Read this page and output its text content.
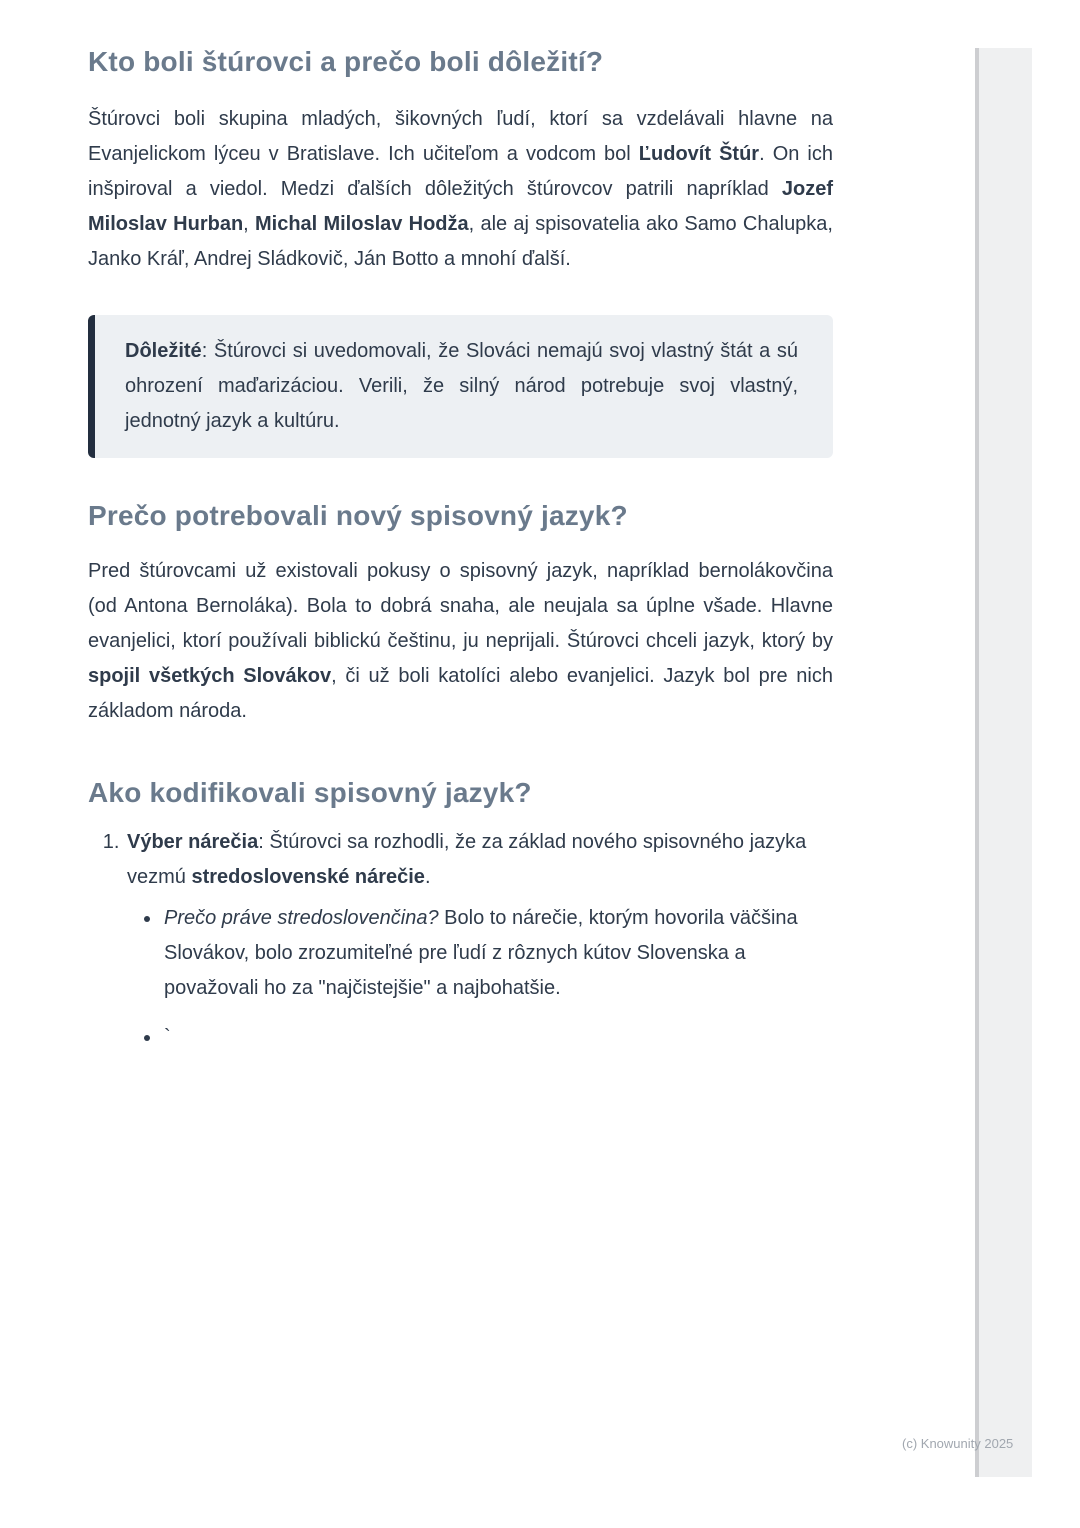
Kto boli štúrovci a prečo boli dôležití?

Štúrovci boli skupina mladých, šikovných ľudí, ktorí sa vzdelávali hlavne na Evanjelickom lýceu v Bratislave. Ich učiteľom a vodcom bol Ľudovít Štúr. On ich inšpiroval a viedol. Medzi ďalších dôležitých štúrovcov patrili napríklad Jozef Miloslav Hurban, Michal Miloslav Hodža, ale aj spisovatelia ako Samo Chalupka, Janko Kráľ, Andrej Sládkovič, Ján Botto a mnohí ďalší.

Dôležité: Štúrovci si uvedomovali, že Slováci nemajú svoj vlastný štát a sú ohrození maďarizáciou. Verili, že silný národ potrebuje svoj vlastný, jednotný jazyk a kultúru.

Prečo potrebovali nový spisovný jazyk?

Pred štúrovcami už existovali pokusy o spisovný jazyk, napríklad bernolákovčina (od Antona Bernoláka). Bola to dobrá snaha, ale neujala sa úplne všade. Hlavne evanjelici, ktorí používali biblickú češtinu, ju neprijali. Štúrovci chceli jazyk, ktorý by spojil všetkých Slovákov, či už boli katolíci alebo evanjelici. Jazyk bol pre nich základom národa.

Ako kodifikovali spisovný jazyk?
1. Výber nárečia: Štúrovci sa rozhodli, že za základ nového spisovného jazyka vezmú stredoslovenské nárečie.
• Prečo práve stredoslovenčina? Bolo to nárečie, ktorým hovorila väčšina Slovákov, bolo zrozumiteľné pre ľudí z rôznych kútov Slovenska a považovali ho za "najčistejšie" a najbohatšie.
• `
(c) Knowunity 2025
